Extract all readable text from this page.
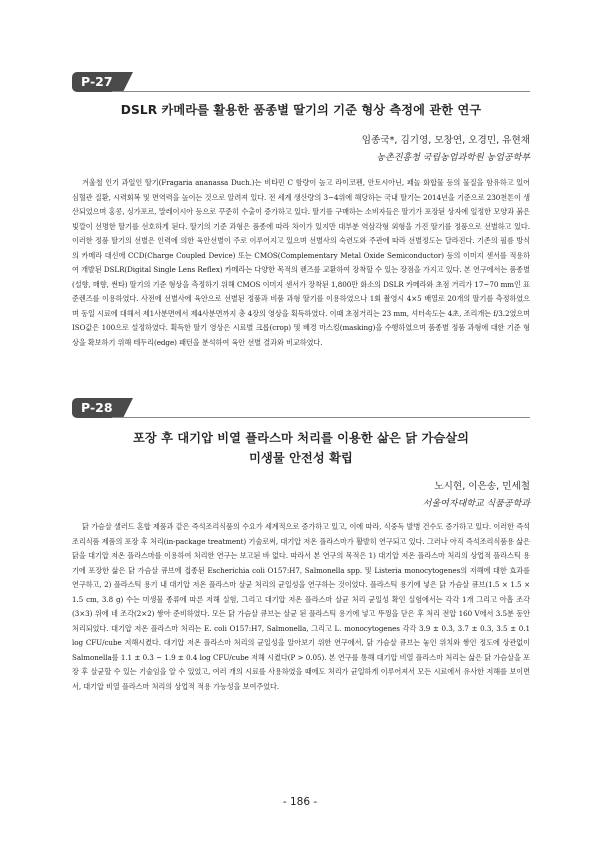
P-27
DSLR 카메라를 활용한 품종별 딸기의 기준 형상 측정에 관한 연구

임종국*, 김기영, 모창연, 오경민, 유현채

농촌진흥청 국립농업과학원 농업공학부

겨울철 인기 과일인 딸기(Fragaria ananassa Duch.)는 비타민 C 함량이 높고 라이코펜, 안토시아닌, 페놀 화합물 등의 물질을 함유하고 있어 심혈관 질환, 시력회복 및 면역력을 높이는 것으로 알려져 있다. 전 세계 생산량의 3~4위에 해당하는 국내 딸기는 2014년을 기준으로 230천톤이 생산되었으며 홍콩, 싱가포르, 말레이시아 등으로 꾸준히 수출이 증가하고 있다. 딸기를 구매하는 소비자들은 딸기가 포장된 상자에 일정한 모양과 붉은 빛깔이 선명한 딸기를 선호하게 된다. 딸기의 기준 과형은 품종에 따라 차이가 있지만 대부분 역삼각형 외형을 가진 딸기를 정품으로 선별하고 있다. 이러한 정품 딸기의 선별은 인력에 의한 육안선별이 주로 이루어지고 있으며 선별사의 숙련도와 주관에 따라 선별정도는 달라진다. 기존의 필름 방식의 카메라 대신에 CCD(Charge Coupled Device) 또는 CMOS(Complementary Metal Oxide Semiconductor) 등의 이미지 센서를 적용하여 개발된 DSLR(Digital Single Lens Reflex) 카메라는 다양한 목적의 렌즈를 교환하여 장착할 수 있는 장점을 가지고 있다. 본 연구에서는 품종별(설향, 매향, 썬타) 딸기의 기준 형상을 측정하기 위해 CMOS 이미지 센서가 장착된 1,800만 화소의 DSLR 카메라와 초점 거리가 17~70 mm인 표준렌즈를 이용하였다. 사전에 선별사에 육안으로 선별된 정품과 비품 과형 딸기를 이용하였으나 1회 촬영시 4×5 배열로 20개의 딸기를 측정하였으며 동일 시료에 대해서 제1사분면에서 제4사분면까지 총 4장의 영상을 획득하였다. 이때 초점거리는 23 mm, 셔터속도는 4초, 조리개는 f/3.2였으며 ISO값은 100으로 설정하였다. 획득한 딸기 영상은 시료별 크롭(crop) 및 배경 마스킹(masking)을 수행하였으며 품종별 정품 과형에 대한 기준 형상을 확보하기 위해 테두리(edge) 패턴을 분석하여 육안 선별 결과와 비교하였다.

P-28
포장 후 대기압 비열 플라스마 처리를 이용한 삶은 닭 가슴살의
미생물 안전성 확립

노시현, 이은송, 민세철

서울여자대학교 식품공학과

닭 가슴살 샐러드 혼합 제품과 같은 즉석조리식품의 수요가 세계적으로 증가하고 있고, 이에 따라, 식중독 발병 건수도 증가하고 있다. 이러한 즉석조리식품 제품의 포장 후 처리(in-package treatment) 기술로써, 대기압 저온 플라스마가 활발히 연구되고 있다. 그러나 아직 즉석조리식품용 삶은 닭을 대기압 저온 플라스마를 이용하여 처리한 연구는 보고된 바 없다. 따라서 본 연구의 목적은 1) 대기압 저온 플라스마 처리의 상업적 플라스틱 용기에 포장한 삶은 닭 가슴살 큐브에 접종된 Escherichia coli O157:H7, Salmonella spp. 및 Listeria monocytogenes의 저해에 대한 효과를 연구하고, 2) 플라스틱 용기 내 대기압 저온 플라스마 살균 처리의 균일성을 연구하는 것이었다. 플라스틱 용기에 넣은 닭 가슴살 큐브(1.5 × 1.5 × 1.5 cm, 3.8 g) 수는 미생물 종류에 따른 저해 실험, 그리고 대기압 저온 플라스마 살균 처리 균일성 확인 실험에서는 각각 1개 그리고 아홉 조각(3×3) 위에 네 조각(2×2) 쌓아 준비하였다. 모든 닭 가슴살 큐브는 살균 된 플라스틱 용기에 넣고 뚜껑을 닫은 후 처리 전압 160 V에서 3.5분 동안 처리되었다. 대기압 저온 플라스마 처리는 E. coli O157:H7, Salmonella, 그리고 L. monocytogenes 각각 3.9 ± 0.3, 3.7 ± 0.3, 3.5 ± 0.1 log CFU/cube 저해시켰다. 대기압 저온 플라스마 처리의 균일성을 알아보기 위한 연구에서, 닭 가슴살 큐브는 놓인 위치와 쌓인 정도에 상관없이 Salmonella를 1.1 ± 0.3 ~ 1.9 ± 0.4 log CFU/cube 저해 시켰다(P > 0.05). 본 연구를 통해 대기압 비열 플라스마 처리는 삶은 닭 가슴살을 포장 후 살균할 수 있는 기술임을 알 수 있었고, 여러 개의 시료를 사용하였을 때에도 처리가 균일하게 이루어져서 모든 시료에서 유사한 저해를 보이면서, 대기압 비열 플라스마 처리의 상업적 적용 가능성을 보여주었다.

- 186 -
